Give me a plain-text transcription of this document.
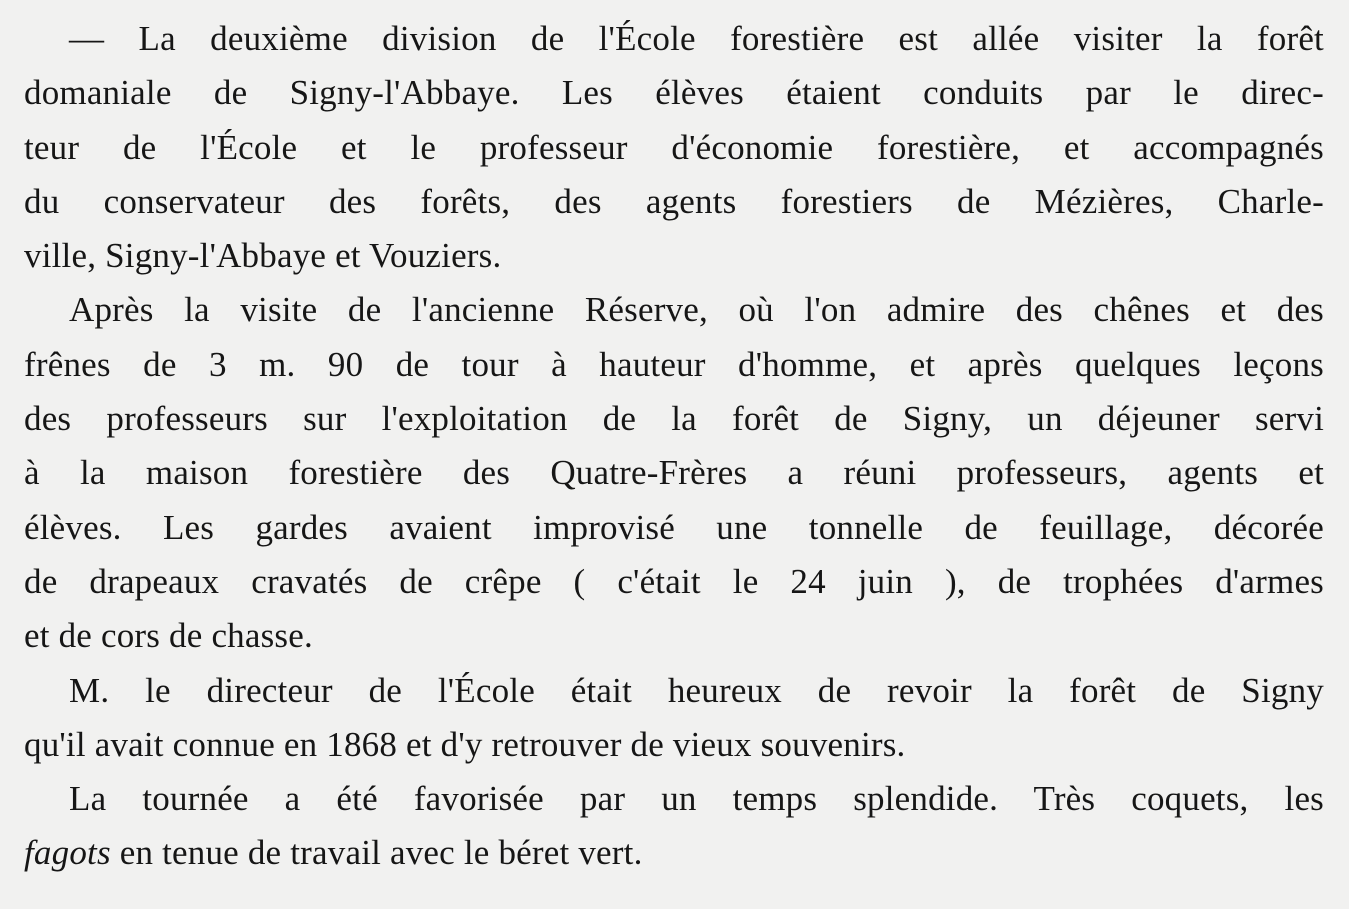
— La deuxième division de l'École forestière est allée visiter la forêt
domaniale de Signy-l'Abbaye. Les élèves étaient conduits par le direc-
teur de l'École et le professeur d'économie forestière, et accompagnés
du conservateur des forêts, des agents forestiers de Mézières, Charle-
ville, Signy-l'Abbaye et Vouziers.
Après la visite de l'ancienne Réserve, où l'on admire des chênes et des
frênes de 3 m. 90 de tour à hauteur d'homme, et après quelques leçons
des professeurs sur l'exploitation de la forêt de Signy, un déjeuner servi
à la maison forestière des Quatre-Frères a réuni professeurs, agents et
élèves. Les gardes avaient improvisé une tonnelle de feuillage, décorée
de drapeaux cravatés de crêpe ( c'était le 24 juin ), de trophées d'armes
et de cors de chasse.
M. le directeur de l'École était heureux de revoir la forêt de Signy
qu'il avait connue en 1868 et d'y retrouver de vieux souvenirs.
La tournée a été favorisée par un temps splendide. Très coquets, les
fagots en tenue de travail avec le béret vert.
